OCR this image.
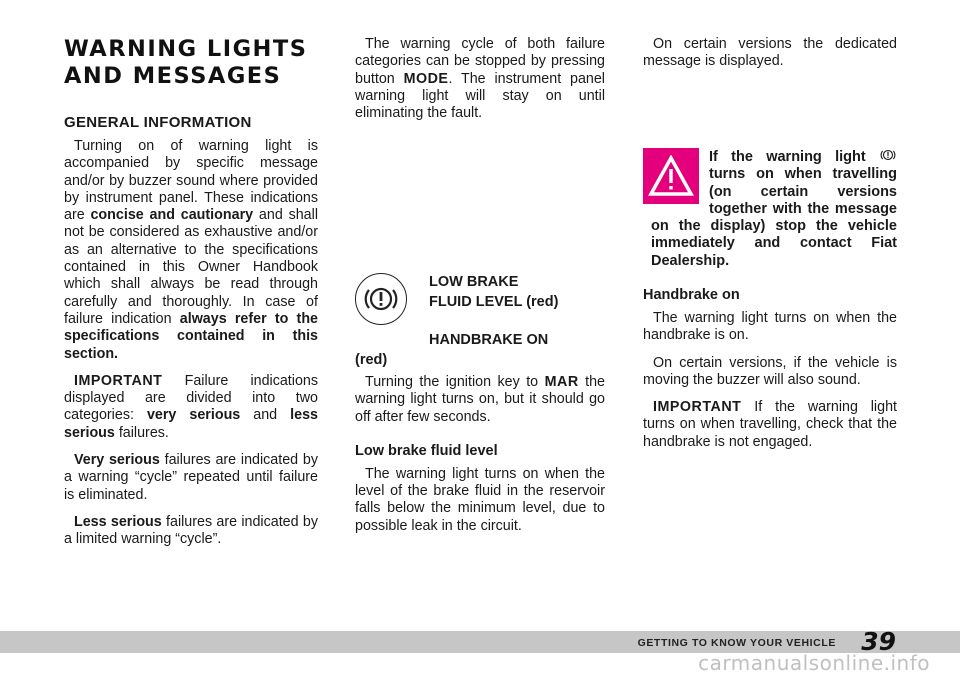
WARNING LIGHTS
AND MESSAGES
GENERAL INFORMATION

Turning on of warning light is accompanied by specific message and/or by buzzer sound where provided by instrument panel. These indications are concise and cautionary and shall not be considered as exhaustive and/or as an alternative to the specifications contained in this Owner Handbook which shall always be read through carefully and thoroughly. In case of failure indication always refer to the specifications contained in this section.

IMPORTANT Failure indications displayed are divided into two categories: very serious and less serious failures.

Very serious failures are indicated by a warning “cycle” repeated until failure is eliminated.

Less serious failures are indicated by a limited warning “cycle”.

The warning cycle of both failure categories can be stopped by pressing button MODE. The instrument panel warning light will stay on until eliminating the fault.

LOW BRAKE
FLUID LEVEL (red)
HANDBRAKE ON
(red)

Turning the ignition key to MAR the warning light turns on, but it should go off after few seconds.

Low brake fluid level

The warning light turns on when the level of the brake fluid in the reservoir falls below the minimum level, due to possible leak in the circuit.

On certain versions the dedicated message is displayed.

If the warning light  turns on when travelling (on certain versions together with the message on the display) stop the vehicle immediately and contact Fiat Dealership.
Handbrake on

The warning light turns on when the handbrake is on.

On certain versions, if the vehicle is moving the buzzer will also sound.

IMPORTANT If the warning light turns on when travelling, check that the handbrake is not engaged.

GETTING TO KNOW YOUR VEHICLE 39
carmanualsonline.info
